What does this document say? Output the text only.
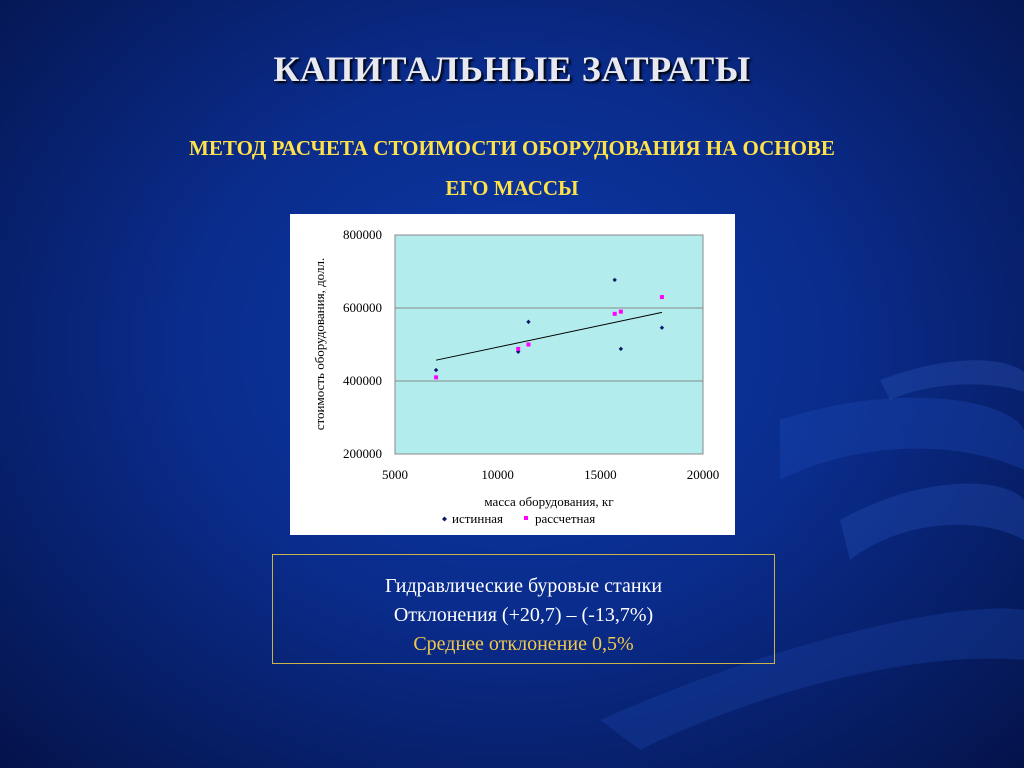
КАПИТАЛЬНЫЕ ЗАТРАТЫ
МЕТОД РАСЧЕТА СТОИМОСТИ ОБОРУДОВАНИЯ НА ОСНОВЕ
ЕГО МАССЫ
200000
400000
600000
800000
5000	10000	15000	20000
стоимость оборудования, долл.
масса оборудования, кг
истинная рассчетная
Гидравлические буровые станки
Отклонения (+20,7) – (-13,7%)
Среднее отклонение 0,5%
